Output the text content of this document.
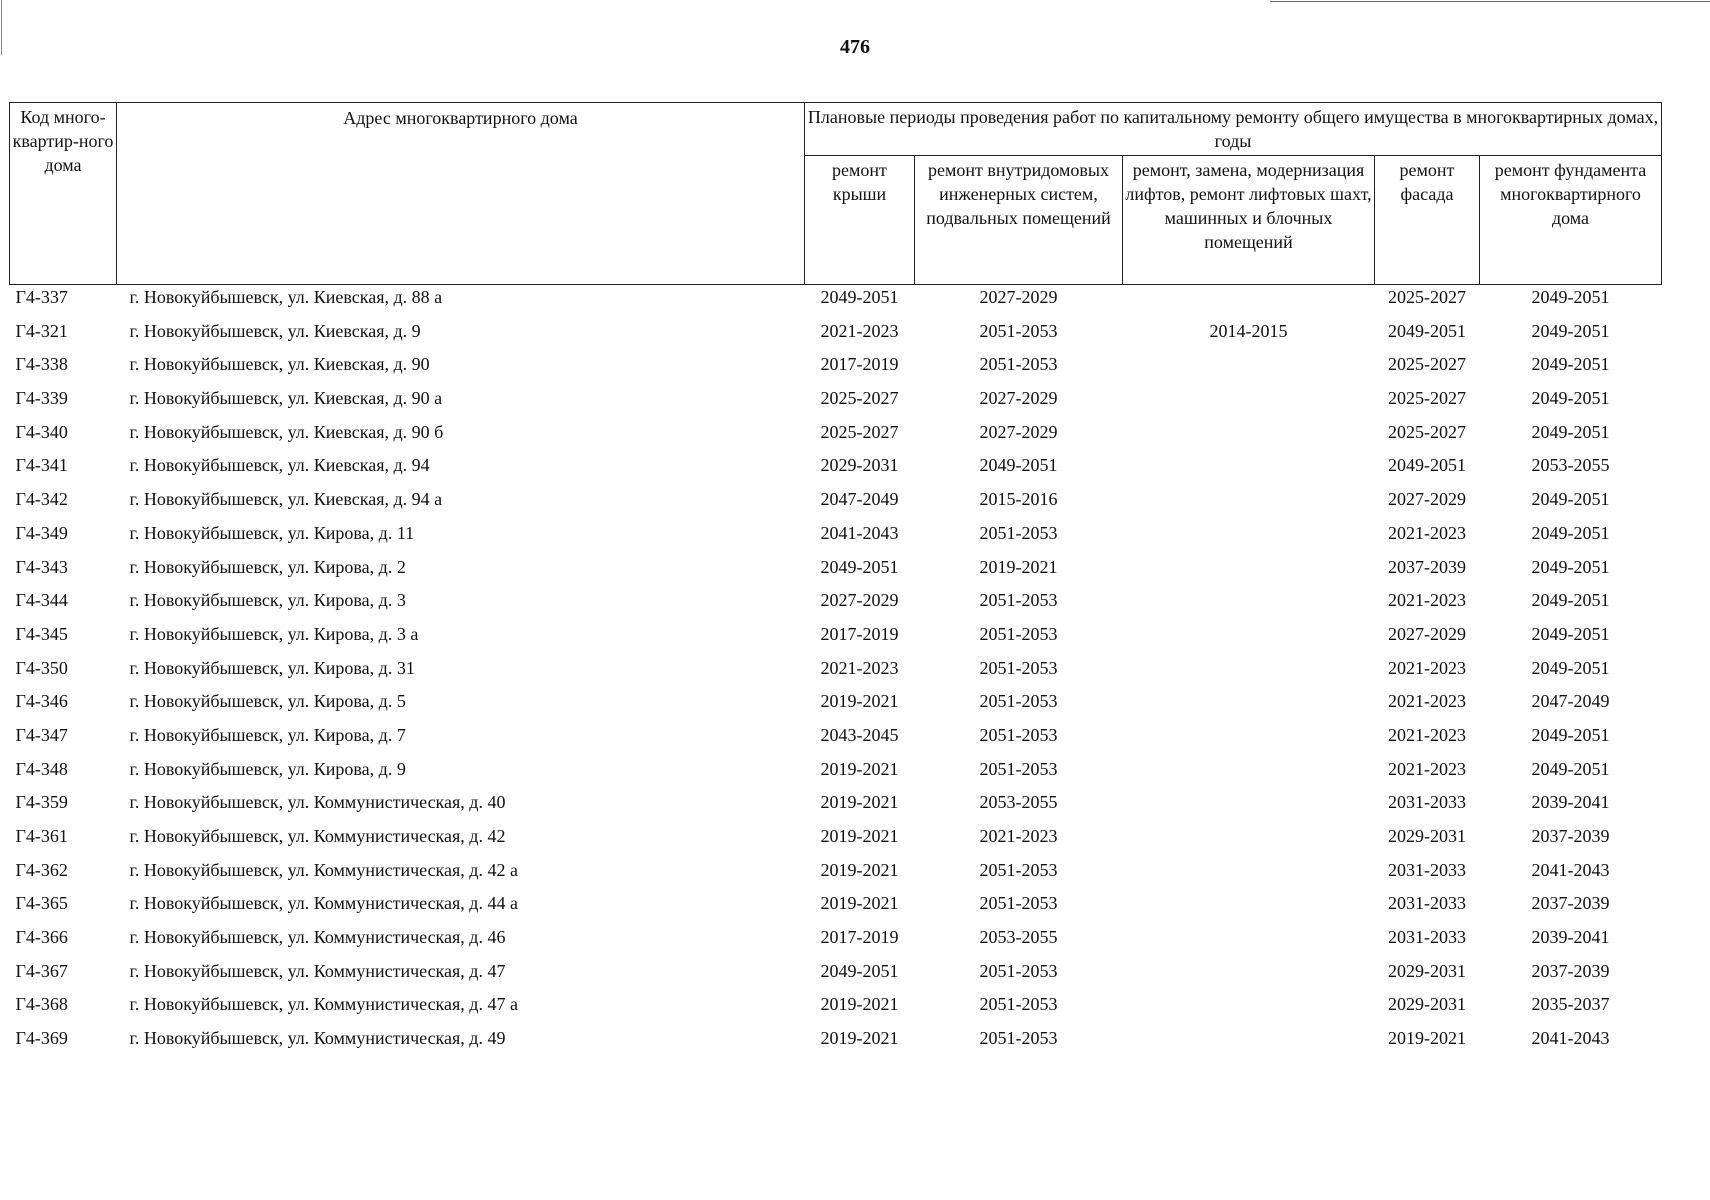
476
Код много-квартир-ного дома	Адрес многоквартирного дома	Плановые периоды проведения работ по капитальному ремонту общего имущества в многоквартирных домах, годы				
		ремонт крыши	ремонт внутридомовых инженерных систем, подвальных помещений	ремонт, замена, модернизация лифтов, ремонт лифтовых шахт, машинных и блочных помещений	ремонт фасада	ремонт фундамента многоквартирного дома
Г4-337	г. Новокуйбышевск, ул. Киевская, д. 88 а	2049-2051	2027-2029		2025-2027	2049-2051
Г4-321	г. Новокуйбышевск, ул. Киевская, д. 9	2021-2023	2051-2053	2014-2015	2049-2051	2049-2051
Г4-338	г. Новокуйбышевск, ул. Киевская, д. 90	2017-2019	2051-2053		2025-2027	2049-2051
Г4-339	г. Новокуйбышевск, ул. Киевская, д. 90 а	2025-2027	2027-2029		2025-2027	2049-2051
Г4-340	г. Новокуйбышевск, ул. Киевская, д. 90 б	2025-2027	2027-2029		2025-2027	2049-2051
Г4-341	г. Новокуйбышевск, ул. Киевская, д. 94	2029-2031	2049-2051		2049-2051	2053-2055
Г4-342	г. Новокуйбышевск, ул. Киевская, д. 94 а	2047-2049	2015-2016		2027-2029	2049-2051
Г4-349	г. Новокуйбышевск, ул. Кирова, д. 11	2041-2043	2051-2053		2021-2023	2049-2051
Г4-343	г. Новокуйбышевск, ул. Кирова, д. 2	2049-2051	2019-2021		2037-2039	2049-2051
Г4-344	г. Новокуйбышевск, ул. Кирова, д. 3	2027-2029	2051-2053		2021-2023	2049-2051
Г4-345	г. Новокуйбышевск, ул. Кирова, д. 3 а	2017-2019	2051-2053		2027-2029	2049-2051
Г4-350	г. Новокуйбышевск, ул. Кирова, д. 31	2021-2023	2051-2053		2021-2023	2049-2051
Г4-346	г. Новокуйбышевск, ул. Кирова, д. 5	2019-2021	2051-2053		2021-2023	2047-2049
Г4-347	г. Новокуйбышевск, ул. Кирова, д. 7	2043-2045	2051-2053		2021-2023	2049-2051
Г4-348	г. Новокуйбышевск, ул. Кирова, д. 9	2019-2021	2051-2053		2021-2023	2049-2051
Г4-359	г. Новокуйбышевск, ул. Коммунистическая, д. 40	2019-2021	2053-2055		2031-2033	2039-2041
Г4-361	г. Новокуйбышевск, ул. Коммунистическая, д. 42	2019-2021	2021-2023		2029-2031	2037-2039
Г4-362	г. Новокуйбышевск, ул. Коммунистическая, д. 42 а	2019-2021	2051-2053		2031-2033	2041-2043
Г4-365	г. Новокуйбышевск, ул. Коммунистическая, д. 44 а	2019-2021	2051-2053		2031-2033	2037-2039
Г4-366	г. Новокуйбышевск, ул. Коммунистическая, д. 46	2017-2019	2053-2055		2031-2033	2039-2041
Г4-367	г. Новокуйбышевск, ул. Коммунистическая, д. 47	2049-2051	2051-2053		2029-2031	2037-2039
Г4-368	г. Новокуйбышевск, ул. Коммунистическая, д. 47 а	2019-2021	2051-2053		2029-2031	2035-2037
Г4-369	г. Новокуйбышевск, ул. Коммунистическая, д. 49	2019-2021	2051-2053		2019-2021	2041-2043
